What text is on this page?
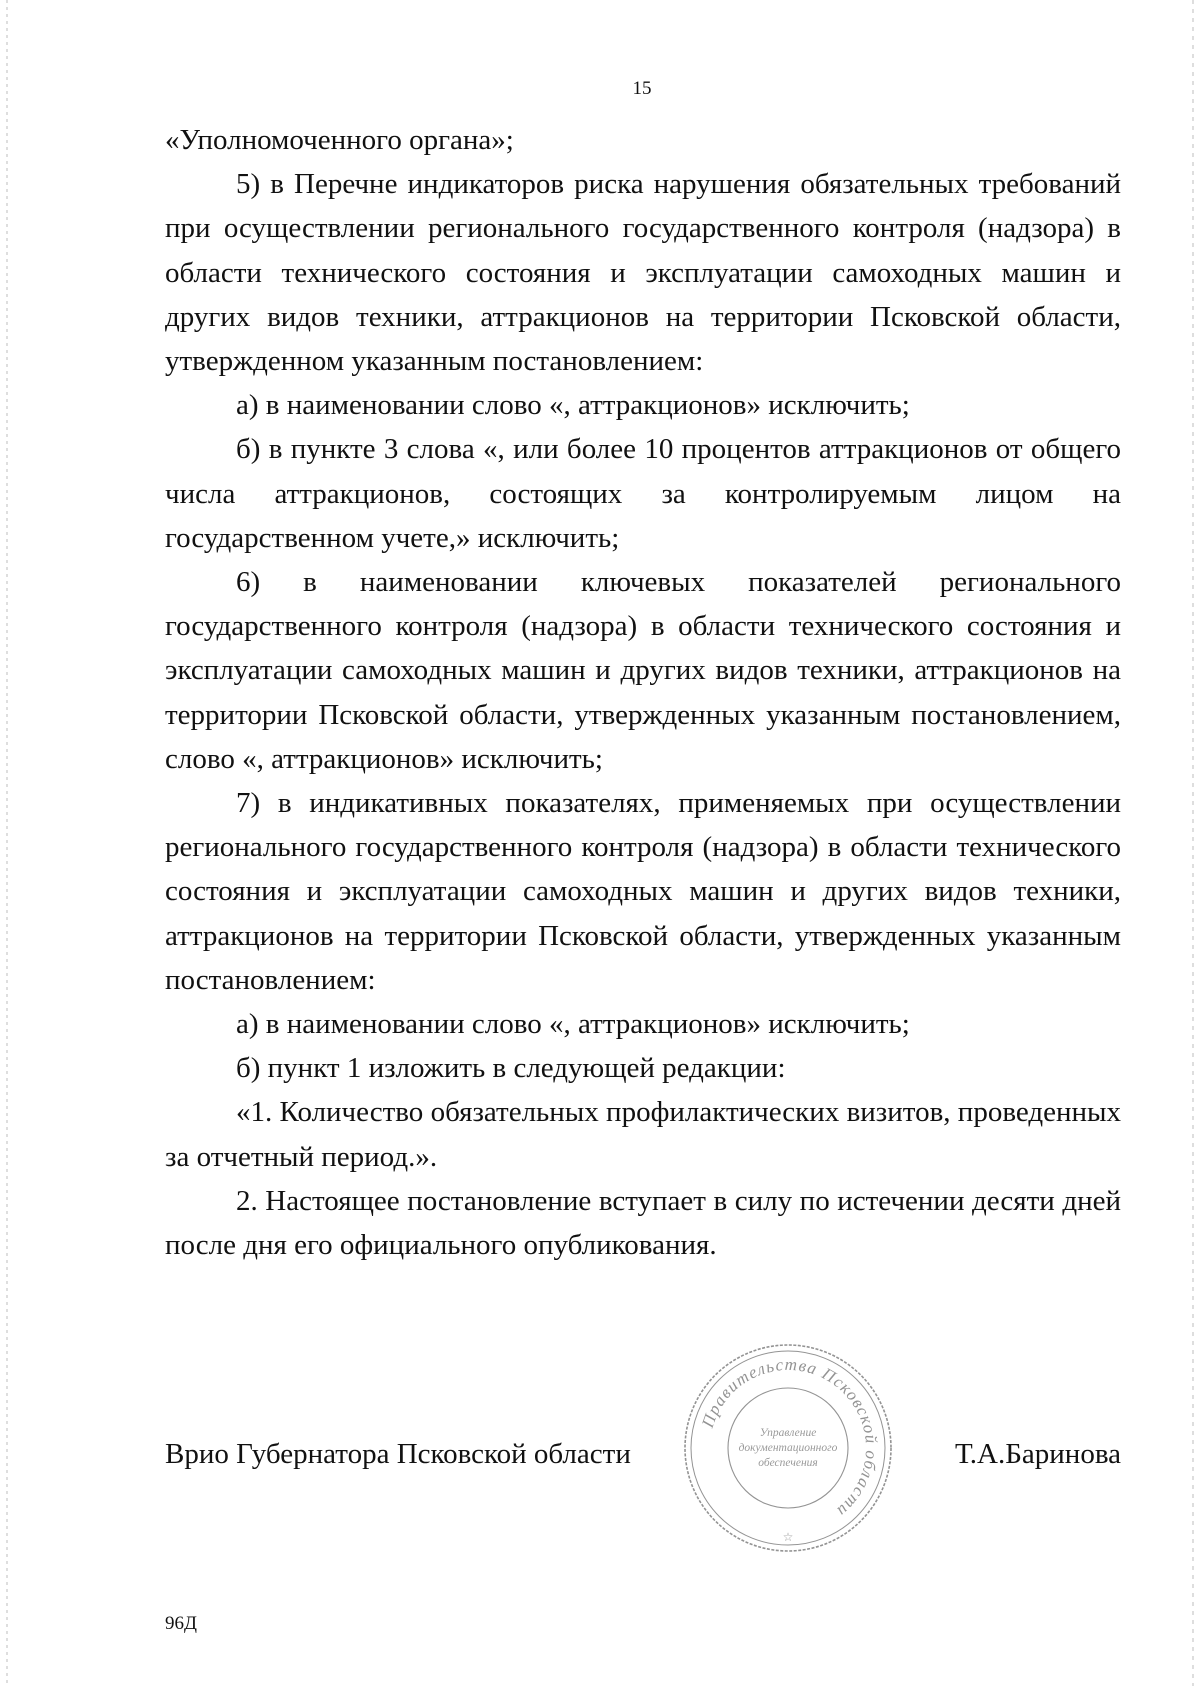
15

«Уполномоченного органа»;

5) в Перечне индикаторов риска нарушения обязательных требований при осуществлении регионального государственного контроля (надзора) в области технического состояния и эксплуатации самоходных машин и других видов техники, аттракционов на территории Псковской области, утвержденном указанным постановлением:

а) в наименовании слово «, аттракционов» исключить;

б) в пункте 3 слова «, или более 10 процентов аттракционов от общего числа аттракционов, состоящих за контролируемым лицом на государственном учете,» исключить;

6) в наименовании ключевых показателей регионального государственного контроля (надзора) в области технического состояния и эксплуатации самоходных машин и других видов техники, аттракционов на территории Псковской области, утвержденных указанным постановлением, слово «, аттракционов» исключить;

7) в индикативных показателях, применяемых при осуществлении регионального государственного контроля (надзора) в области технического состояния и эксплуатации самоходных машин и других видов техники, аттракционов на территории Псковской области, утвержденных указанным постановлением:

а) в наименовании слово «, аттракционов» исключить;

б) пункт 1 изложить в следующей редакции:

«1. Количество обязательных профилактических визитов, проведенных за отчетный период.».

2. Настоящее постановление вступает в силу по истечении десяти дней после дня его официального опубликования.

Врио Губернатора Псковской области	Т.А.Баринова
Правительства Псковской области
Управление
документационного
обеспечения
☆
96Д
